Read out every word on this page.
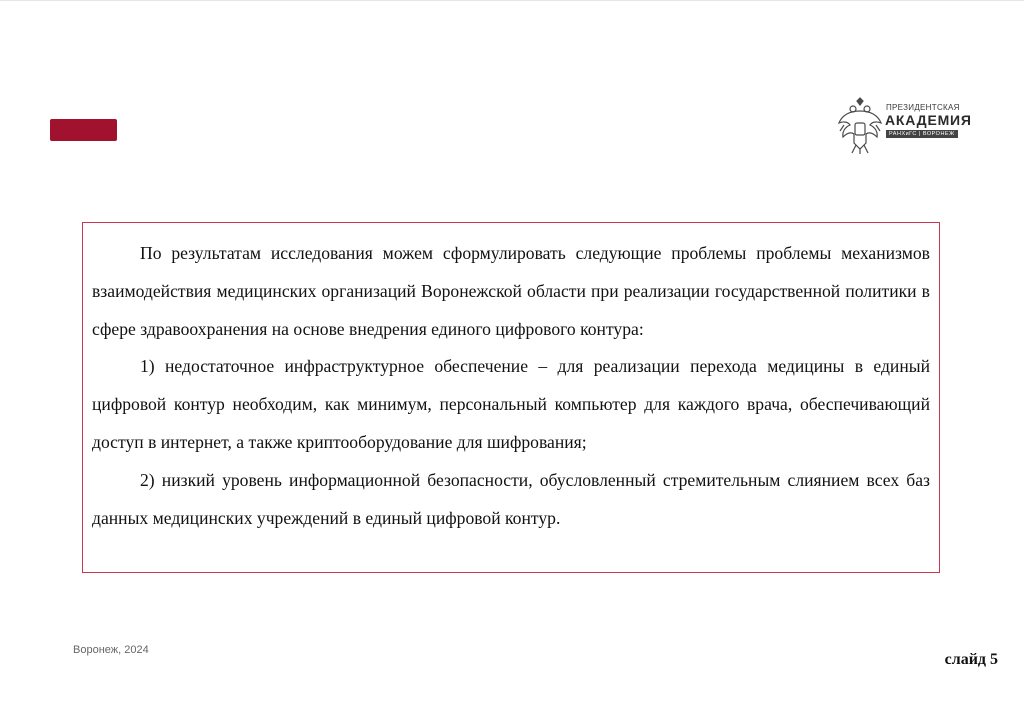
ПРЕЗИДЕНТСКАЯ
АКАДЕМИЯ
РАНХиГС | ВОРОНЕЖ

По результатам исследования можем сформулировать следующие проблемы проблемы механизмов взаимодействия медицинских организаций Воронежской области при реализации государственной политики в сфере здравоохранения на основе внедрения единого цифрового контура:

1) недостаточное инфраструктурное обеспечение – для реализации перехода медицины в единый цифровой контур необходим, как минимум, персональный компьютер для каждого врача, обеспечивающий доступ в интернет, а также криптооборудование для шифрования;

2) низкий уровень информационной безопасности, обусловленный стремительным слиянием всех баз данных медицинских учреждений в единый цифровой контур.

Воронеж, 2024
слайд 5
